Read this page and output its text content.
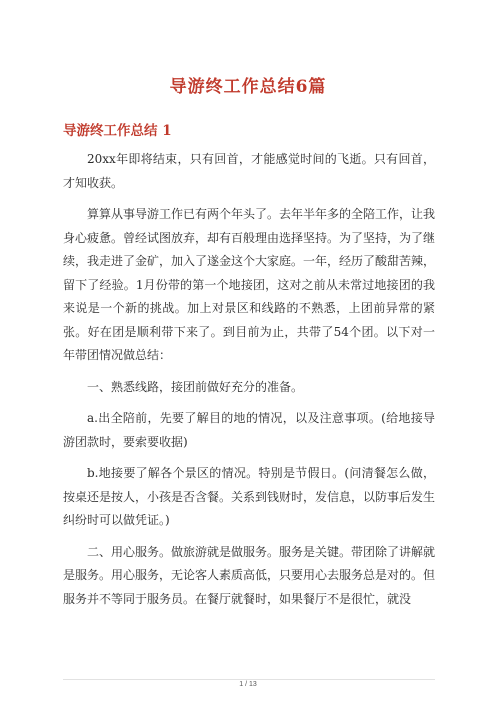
导游终工作总结6篇
导游终工作总结 1

20xx年即将结束，只有回首，才能感觉时间的飞逝。只有回首，才知收获。

算算从事导游工作已有两个年头了。去年半年多的全陪工作，让我身心疲惫。曾经试图放弃，却有百般理由选择坚持。为了坚持，为了继续，我走进了金矿，加入了遂金这个大家庭。一年，经历了酸甜苦辣，留下了经验。1月份带的第一个地接团，这对之前从未常过地接团的我来说是一个新的挑战。加上对景区和线路的不熟悉，上团前异常的紧张。好在团是顺利带下来了。到目前为止，共带了54个团。以下对一年带团情况做总结：

一、熟悉线路，接团前做好充分的准备。

a.出全陪前，先要了解目的地的情况，以及注意事项。(给地接导游团款时，要索要收据)

b.地接要了解各个景区的情况。特别是节假日。(问清餐怎么做，按桌还是按人，小孩是否含餐。关系到钱财时，发信息，以防事后发生纠纷时可以做凭证。)

二、用心服务。做旅游就是做服务。服务是关键。带团除了讲解就是服务。用心服务，无论客人素质高低，只要用心去服务总是对的。但服务并不等同于服务员。在餐厅就餐时，如果餐厅不是很忙，就没

1 / 13
